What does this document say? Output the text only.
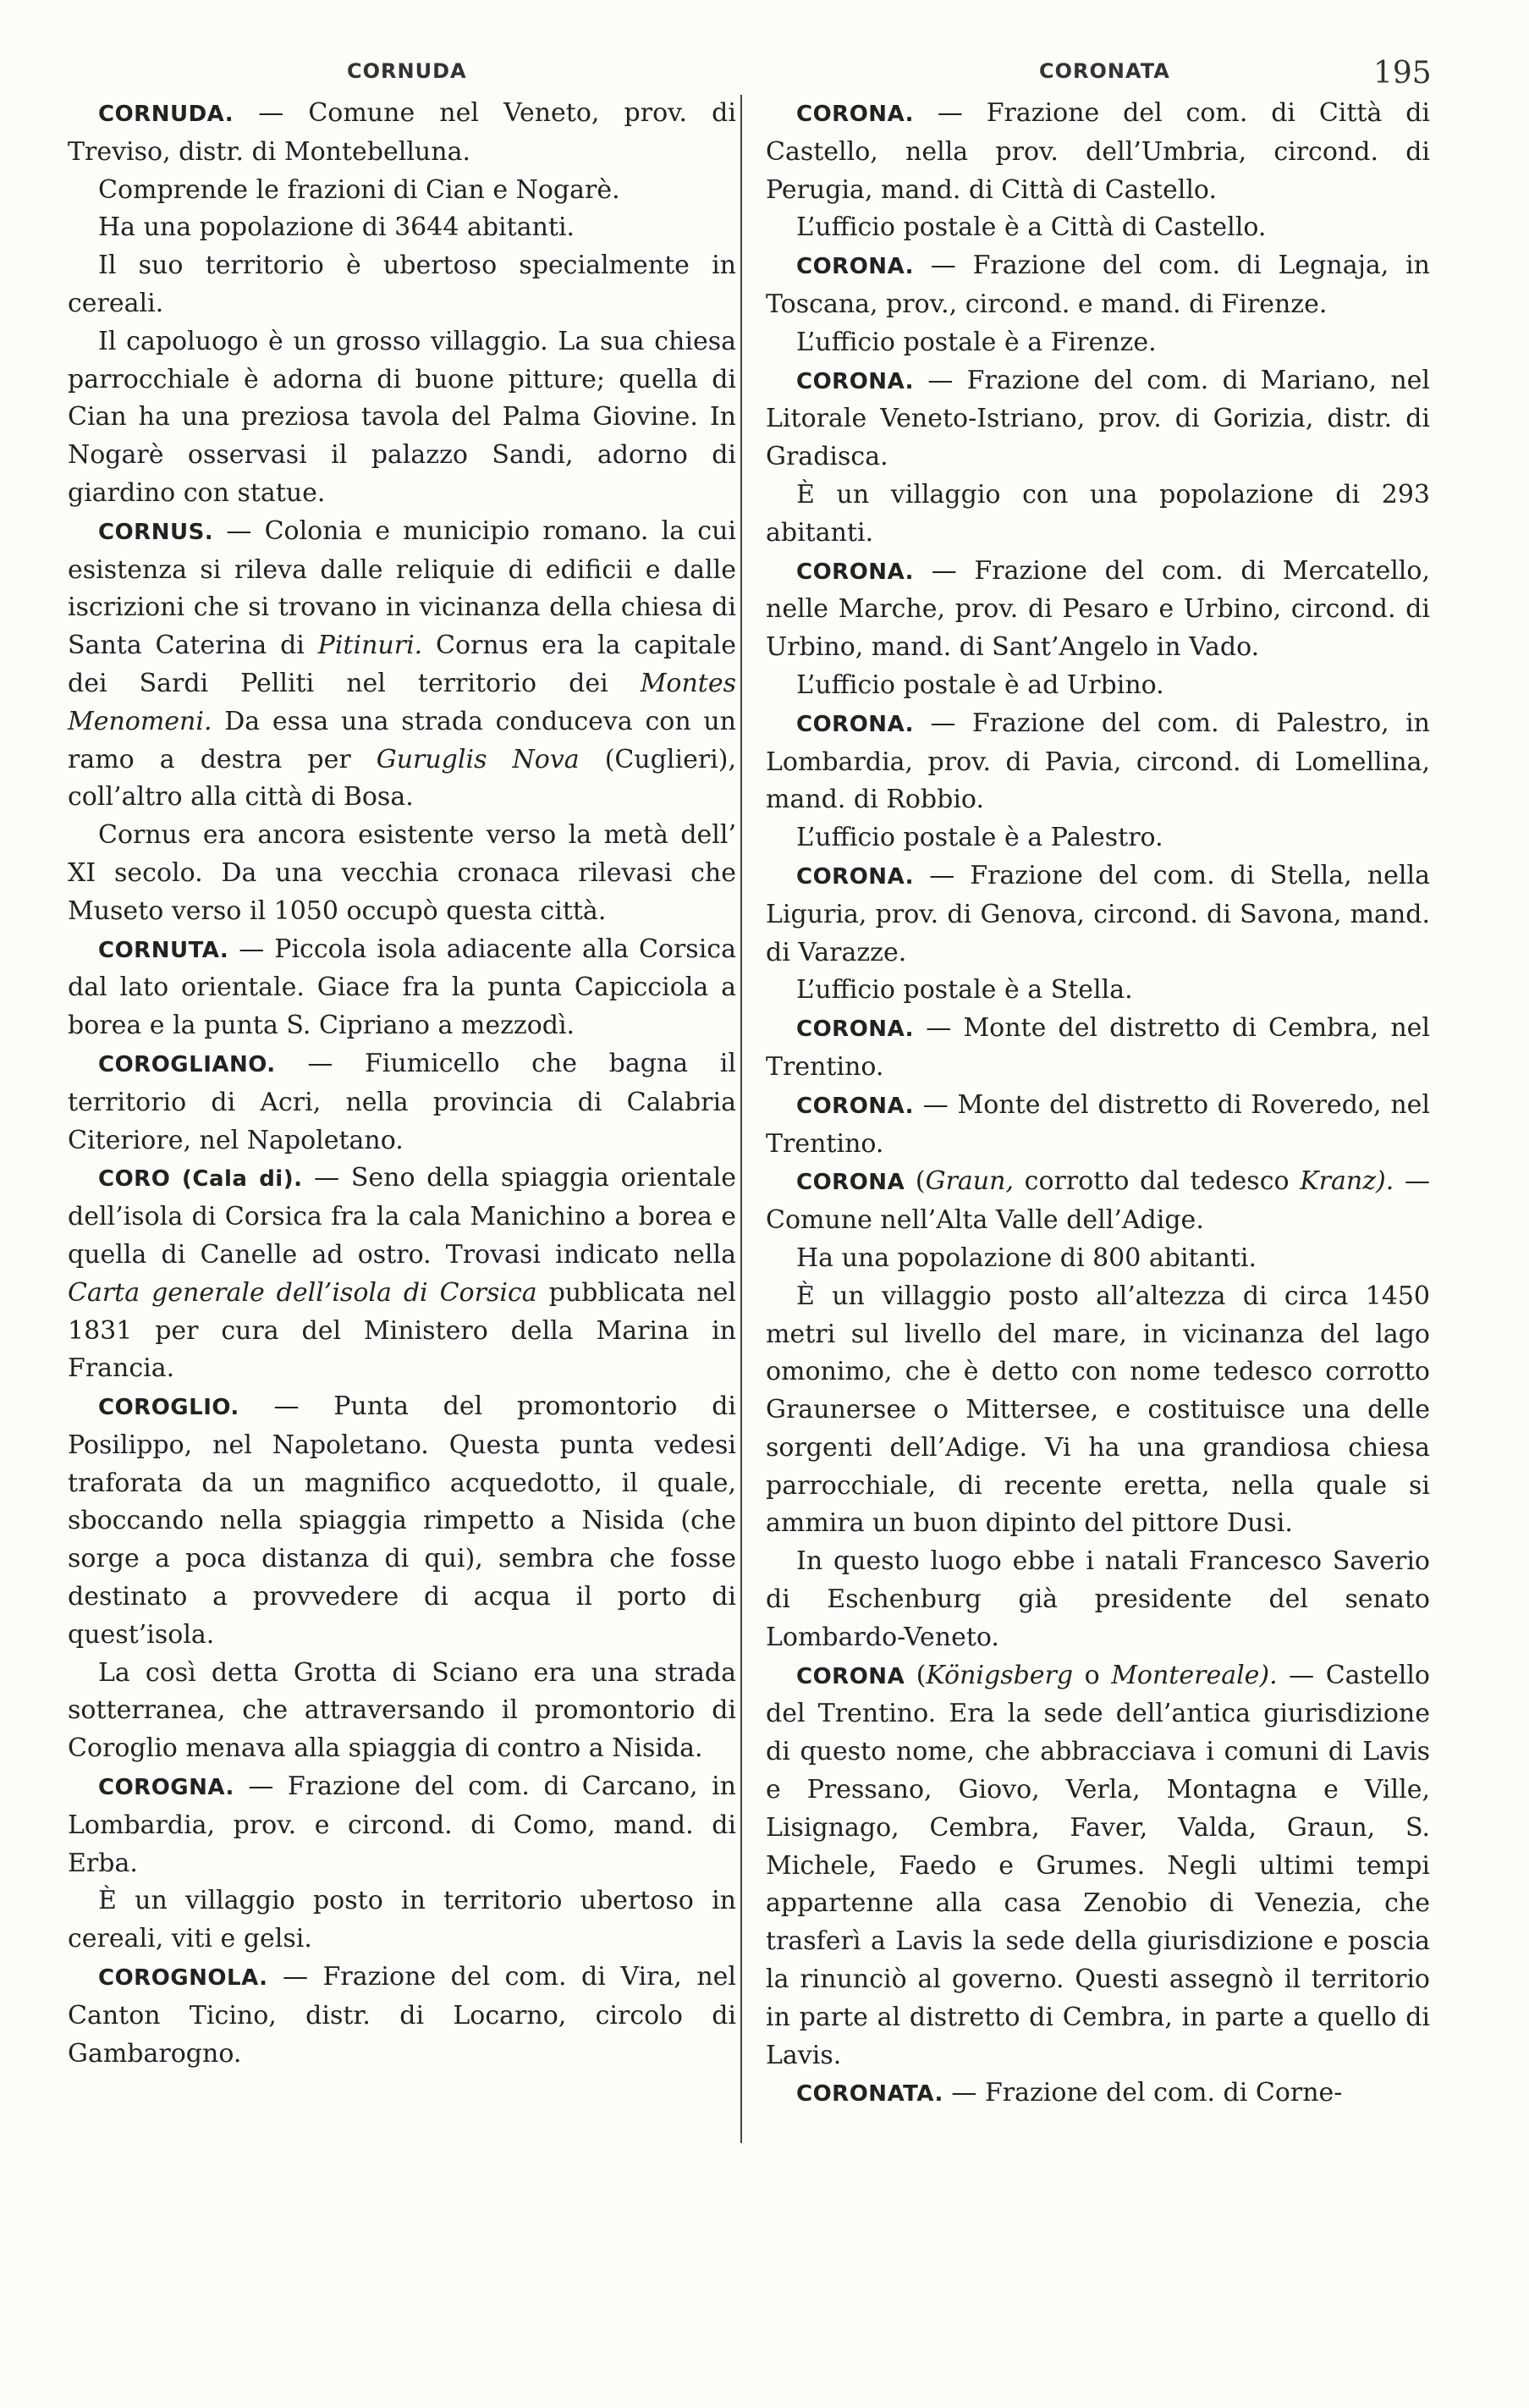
CORNUDA	CORONATA	195

CORNUDA. — Comune nel Veneto, prov. di Treviso, distr. di Montebelluna.

Comprende le frazioni di Cian e Nogarè.

Ha una popolazione di 3644 abitanti.

Il suo territorio è ubertoso specialmente in cereali.

Il capoluogo è un grosso villaggio. La sua chiesa parrocchiale è adorna di buone pitture; quella di Cian ha una preziosa tavola del Palma Giovine. In Nogarè osservasi il palazzo Sandi, adorno di giardino con statue.

CORNUS. — Colonia e municipio romano. la cui esistenza si rileva dalle reliquie di edificii e dalle iscrizioni che si trovano in vicinanza della chiesa di Santa Caterina di Pitinuri. Cornus era la capitale dei Sardi Pelliti nel territorio dei Montes Menomeni. Da essa una strada conduceva con un ramo a destra per Guruglis Nova (Cuglieri), coll’altro alla città di Bosa.

Cornus era ancora esistente verso la metà dell’ XI secolo. Da una vecchia cronaca rilevasi che Museto verso il 1050 occupò questa città.

CORNUTA. — Piccola isola adiacente alla Corsica dal lato orientale. Giace fra la punta Capicciola a borea e la punta S. Cipriano a mezzodì.

COROGLIANO. — Fiumicello che bagna il territorio di Acri, nella provincia di Calabria Citeriore, nel Napoletano.

CORO (Cala di). — Seno della spiaggia orientale dell’isola di Corsica fra la cala Manichino a borea e quella di Canelle ad ostro. Trovasi indicato nella Carta generale dell’isola di Corsica pubblicata nel 1831 per cura del Ministero della Marina in Francia.

COROGLIO. — Punta del promontorio di Posilippo, nel Napoletano. Questa punta vedesi traforata da un magnifico acquedotto, il quale, sboccando nella spiaggia rimpetto a Nisida (che sorge a poca distanza di qui), sembra che fosse destinato a provvedere di acqua il porto di quest’isola.

La così detta Grotta di Sciano era una strada sotterranea, che attraversando il promontorio di Coroglio menava alla spiaggia di contro a Nisida.

COROGNA. — Frazione del com. di Carcano, in Lombardia, prov. e circond. di Como, mand. di Erba.

È un villaggio posto in territorio ubertoso in cereali, viti e gelsi.

COROGNOLA. — Frazione del com. di Vira, nel Canton Ticino, distr. di Locarno, circolo di Gambarogno.

CORONA. — Frazione del com. di Città di Castello, nella prov. dell’Umbria, circond. di Perugia, mand. di Città di Castello.

L’ufficio postale è a Città di Castello.

CORONA. — Frazione del com. di Legnaja, in Toscana, prov., circond. e mand. di Firenze.

L’ufficio postale è a Firenze.

CORONA. — Frazione del com. di Mariano, nel Litorale Veneto-Istriano, prov. di Gorizia, distr. di Gradisca.

È un villaggio con una popolazione di 293 abitanti.

CORONA. — Frazione del com. di Mercatello, nelle Marche, prov. di Pesaro e Urbino, circond. di Urbino, mand. di Sant’Angelo in Vado.

L’ufficio postale è ad Urbino.

CORONA. — Frazione del com. di Palestro, in Lombardia, prov. di Pavia, circond. di Lomellina, mand. di Robbio.

L’ufficio postale è a Palestro.

CORONA. — Frazione del com. di Stella, nella Liguria, prov. di Genova, circond. di Savona, mand. di Varazze.

L’ufficio postale è a Stella.

CORONA. — Monte del distretto di Cembra, nel Trentino.

CORONA. — Monte del distretto di Roveredo, nel Trentino.

CORONA (Graun, corrotto dal tedesco Kranz). — Comune nell’Alta Valle dell’Adige.

Ha una popolazione di 800 abitanti.

È un villaggio posto all’altezza di circa 1450 metri sul livello del mare, in vicinanza del lago omonimo, che è detto con nome tedesco corrotto Graunersee o Mittersee, e costituisce una delle sorgenti dell’Adige. Vi ha una grandiosa chiesa parrocchiale, di recente eretta, nella quale si ammira un buon dipinto del pittore Dusi.

In questo luogo ebbe i natali Francesco Saverio di Eschenburg già presidente del senato Lombardo-Veneto.

CORONA (Königsberg o Montereale). — Castello del Trentino. Era la sede dell’antica giurisdizione di questo nome, che abbracciava i comuni di Lavis e Pressano, Giovo, Verla, Montagna e Ville, Lisignago, Cembra, Faver, Valda, Graun, S. Michele, Faedo e Grumes. Negli ultimi tempi appartenne alla casa Zenobio di Venezia, che trasferì a Lavis la sede della giurisdizione e poscia la rinunciò al governo. Questi assegnò il territorio in parte al distretto di Cembra, in parte a quello di Lavis.

CORONATA. — Frazione del com. di Corne-
